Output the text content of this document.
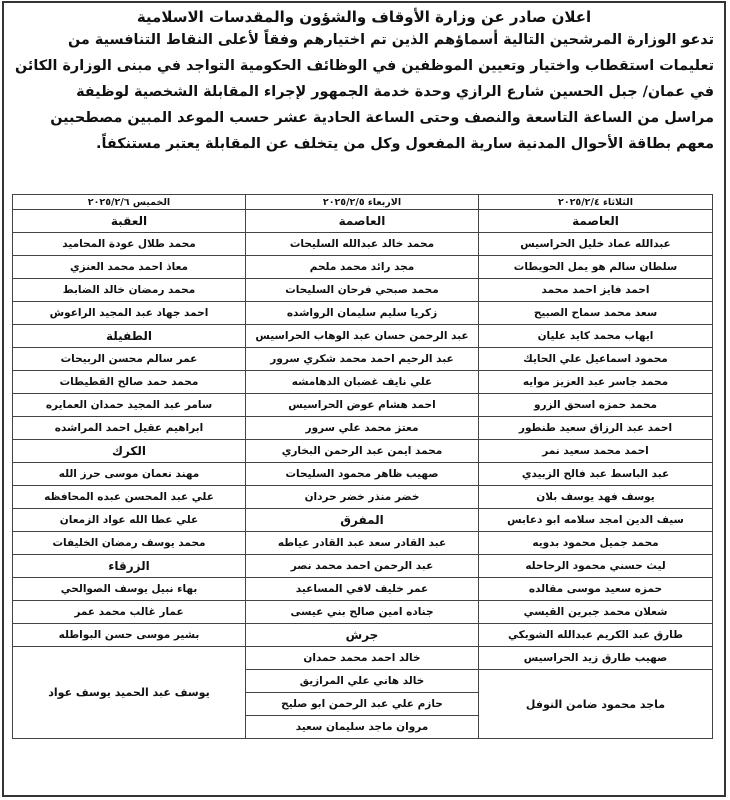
اعلان صادر عن وزارة الأوقاف والشؤون والمقدسات الاسلامية
تدعو الوزارة المرشحين التالية أسماؤهم الذين تم اختيارهم وفقاً لأعلى النقاط التنافسية من
تعليمات استقطاب واختيار وتعيين الموظفين في الوظائف الحكومية التواجد في مبنى الوزارة الكائن
في عمان/ جبل الحسين شارع الرازي وحدة خدمة الجمهور لإجراء المقابلة الشخصية لوظيفة
مراسل من الساعة التاسعة والنصف وحتى الساعة الحادية عشر حسب الموعد المبين مصطحبين
معهم بطاقة الأحوال المدنية سارية المفعول وكل من يتخلف عن المقابلة يعتبر مستنكفاً.
الثلاثاء ٢٠٢٥/٢/٤	الاربعاء ٢٠٢٥/٢/٥	الخميس ٢٠٢٥/٢/٦
العاصمة	العاصمة	العقبة
عبدالله عماد خليل الحراسيس	محمد خالد عبدالله السليحات	محمد طلال عودة المحاميد
سلطان سالم هو يمل الحويطات	مجد رائد محمد ملحم	معاذ احمد محمد العنزي
احمد فايز احمد محمد	محمد صبحي فرحان السليحات	محمد رمضان خالد الضابط
سعد محمد سماح الصبيح	زكريا سليم سليمان الرواشده	احمد جهاد عبد المجيد الراعوش
ايهاب محمد كايد عليان	عبد الرحمن حسان عبد الوهاب الحراسيس	الطفيلة
محمود اسماعيل علي الحايك	عبد الرحيم احمد محمد شكري سرور	عمر سالم محسن الربيحات
محمد جاسر عبد العزيز موايه	علي نايف غضبان الدهامشه	محمد حمد صالح القطيطات
محمد حمزه اسحق الزرو	احمد هشام عوض الحراسيس	سامر عبد المجيد حمدان العمايره
احمد عبد الرزاق سعيد طنطور	معتز محمد علي سرور	ابراهيم عقيل احمد المراشده
احمد محمد سعيد نمر	محمد ايمن عبد الرحمن البخاري	الكرك
عبد الباسط عبد فالح الزبيدي	صهيب ظاهر محمود السليحات	مهند نعمان موسى حرز الله
يوسف فهد يوسف بلان	خضر منذر خضر حردان	علي عبد المحسن عبده المحافظه
سيف الدين امجد سلامه ابو دعابس	المفرق	علي عطا الله عواد الزمعان
محمد جميل محمود بدويه	عبد القادر سعد عبد القادر عياطه	محمد يوسف رمضان الخليفات
ليث حسني محمود الرحاحله	عبد الرحمن احمد محمد نصر	الزرقاء
حمزه سعيد موسى مقالده	عمر خليف لافي المساعيد	بهاء نبيل يوسف الصوالحي
شعلان محمد جبرين القيسي	جناده امين صالح بني عيسى	عمار غالب محمد عمر
طارق عبد الكريم عبدالله الشوبكي	جرش	بشير موسى حسن البواطله
صهيب طارق زيد الحراسيس	خالد احمد محمد حمدان	يوسف عبد الحميد يوسف عواد
ماجد محمود ضامن النوفل	خالد هاني علي المرازيق	
	حازم علي عبد الرحمن ابو صليح	
	مروان ماجد سليمان سعيد	
